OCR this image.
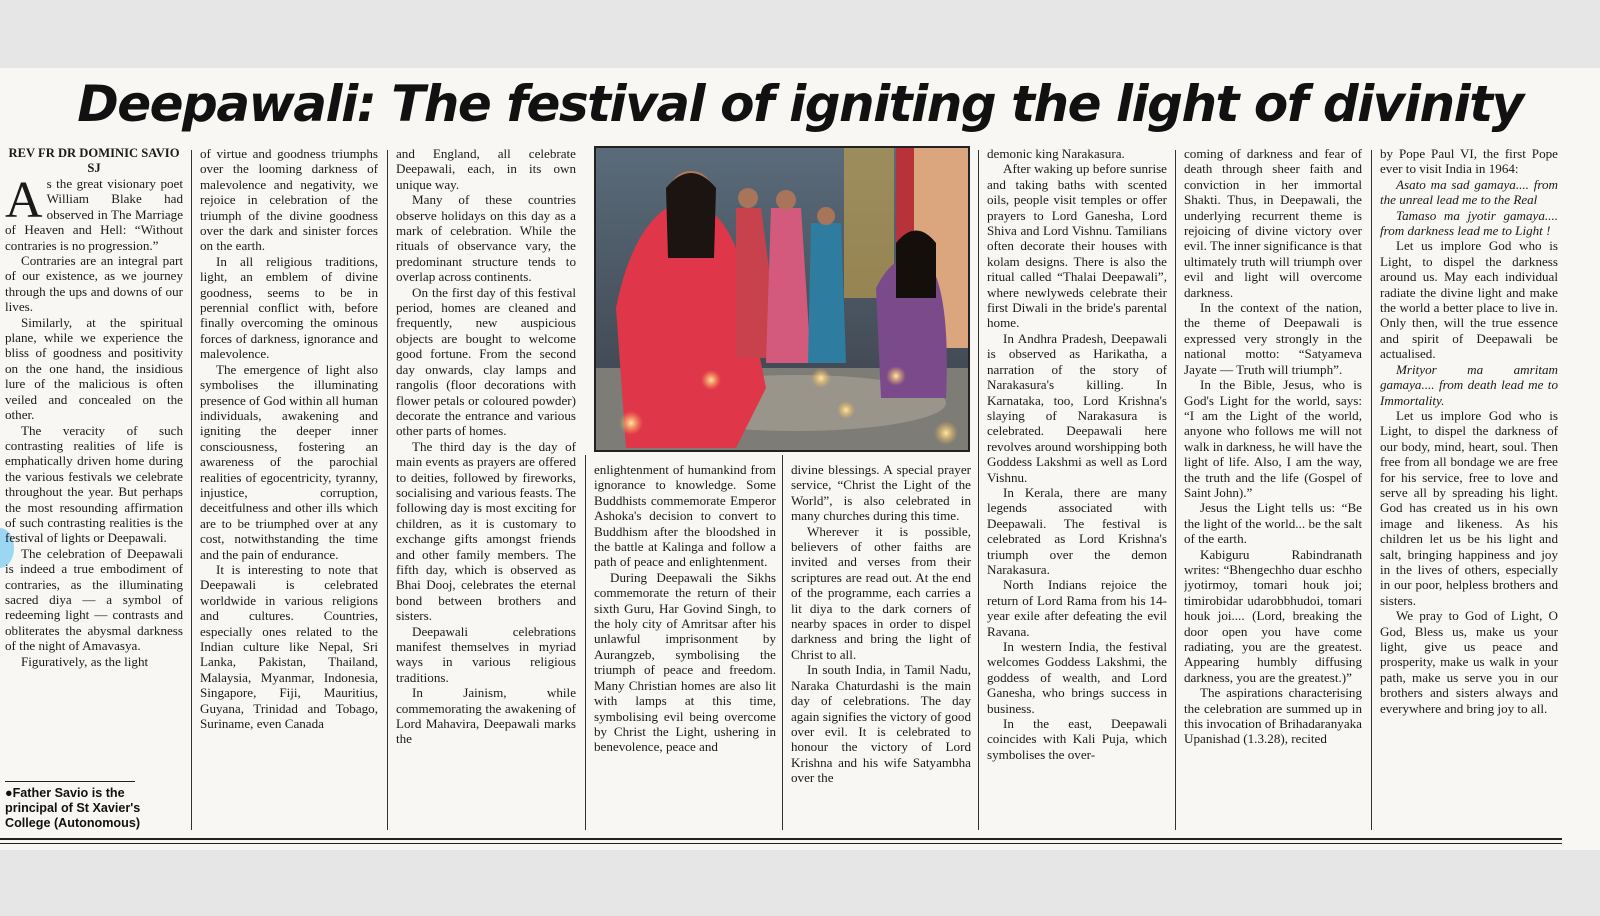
Deepawali: The festival of igniting the light of divinity

REV FR DR DOMINIC SAVIO SJ

As the great visionary poet William Blake had observed in The Marriage of Heaven and Hell: “Without contraries is no progression.”

Contraries are an integral part of our existence, as we journey through the ups and downs of our lives.

Similarly, at the spiritual plane, while we experience the bliss of goodness and positivity on the one hand, the insidious lure of the malicious is often veiled and concealed on the other.

The veracity of such contrasting realities of life is emphatically driven home during the various festivals we celebrate throughout the year. But perhaps the most resounding affirmation of such contrasting realities is the festival of lights or Deepawali.

The celebration of Deepawali is indeed a true embodiment of contraries, as the illuminating sacred diya — a symbol of redeeming light — contrasts and obliterates the abysmal darkness of the night of Amavasya.

Figuratively, as the light

●Father Savio is the principal of St Xavier's College (Autonomous)

of virtue and goodness triumphs over the looming darkness of malevolence and negativity, we rejoice in celebration of the triumph of the divine goodness over the dark and sinister forces on the earth.

In all religious traditions, light, an emblem of divine goodness, seems to be in perennial conflict with, before finally overcoming the ominous forces of darkness, ignorance and malevolence.

The emergence of light also symbolises the illuminating presence of God within all human individuals, awakening and igniting the deeper inner consciousness, fostering an awareness of the parochial realities of egocentricity, tyranny, injustice, corruption, deceitfulness and other ills which are to be triumphed over at any cost, notwithstanding the time and the pain of endurance.

It is interesting to note that Deepawali is celebrated worldwide in various religions and cultures. Countries, especially ones related to the Indian culture like Nepal, Sri Lanka, Pakistan, Thailand, Malaysia, Myanmar, Indonesia, Singapore, Fiji, Mauritius, Guyana, Trinidad and Tobago, Suriname, even Canada

and England, all celebrate Deepawali, each, in its own unique way.

Many of these countries observe holidays on this day as a mark of celebration. While the rituals of observance vary, the predominant structure tends to overlap across continents.

On the first day of this festival period, homes are cleaned and frequently, new auspicious objects are bought to welcome good fortune. From the second day onwards, clay lamps and rangolis (floor decorations with flower petals or coloured powder) decorate the entrance and various other parts of homes.

The third day is the day of main events as prayers are offered to deities, followed by fireworks, socialising and various feasts. The following day is most exciting for children, as it is customary to exchange gifts amongst friends and other family members. The fifth day, which is observed as Bhai Dooj, celebrates the eternal bond between brothers and sisters.

Deepawali celebrations manifest themselves in myriad ways in various religious traditions.

In Jainism, while commemorating the awakening of Lord Mahavira, Deepawali marks the

enlightenment of humankind from ignorance to knowledge. Some Buddhists commemorate Emperor Ashoka's decision to convert to Buddhism after the bloodshed in the battle at Kalinga and follow a path of peace and enlightenment.

During Deepawali the Sikhs commemorate the return of their sixth Guru, Har Govind Singh, to the holy city of Amritsar after his unlawful imprisonment by Aurangzeb, symbolising the triumph of peace and freedom. Many Christian homes are also lit with lamps at this time, symbolising evil being overcome by Christ the Light, ushering in benevolence, peace and

divine blessings. A special prayer service, “Christ the Light of the World”, is also celebrated in many churches during this time.

Wherever it is possible, believers of other faiths are invited and verses from their scriptures are read out. At the end of the programme, each carries a lit diya to the dark corners of nearby spaces in order to dispel darkness and bring the light of Christ to all.

In south India, in Tamil Nadu, Naraka Chaturdashi is the main day of celebrations. The day again signifies the victory of good over evil. It is celebrated to honour the victory of Lord Krishna and his wife Satyambha over the

demonic king Narakasura.

After waking up before sunrise and taking baths with scented oils, people visit temples or offer prayers to Lord Ganesha, Lord Shiva and Lord Vishnu. Tamilians often decorate their houses with kolam designs. There is also the ritual called “Thalai Deepawali”, where newlyweds celebrate their first Diwali in the bride's parental home.

In Andhra Pradesh, Deepawali is observed as Harikatha, a narration of the story of Narakasura's killing. In Karnataka, too, Lord Krishna's slaying of Narakasura is celebrated. Deepawali here revolves around worshipping both Goddess Lakshmi as well as Lord Vishnu.

In Kerala, there are many legends associated with Deepawali. The festival is celebrated as Lord Krishna's triumph over the demon Narakasura.

North Indians rejoice the return of Lord Rama from his 14-year exile after defeating the evil Ravana.

In western India, the festival welcomes Goddess Lakshmi, the goddess of wealth, and Lord Ganesha, who brings success in business.

In the east, Deepawali coincides with Kali Puja, which symbolises the over-

coming of darkness and fear of death through sheer faith and conviction in her immortal Shakti. Thus, in Deepawali, the underlying recurrent theme is rejoicing of divine victory over evil. The inner significance is that ultimately truth will triumph over evil and light will overcome darkness.

In the context of the nation, the theme of Deepawali is expressed very strongly in the national motto: “Satyameva Jayate — Truth will triumph”.

In the Bible, Jesus, who is God's Light for the world, says: “I am the Light of the world, anyone who follows me will not walk in darkness, he will have the light of life. Also, I am the way, the truth and the life (Gospel of Saint John).”

Jesus the Light tells us: “Be the light of the world... be the salt of the earth.

Kabiguru Rabindranath writes: “Bhengechho duar eschho jyotirmoy, tomari houk joi; timirobidar udarobbhudoi, tomari houk joi.... (Lord, breaking the door open you have come radiating, you are the greatest. Appearing humbly diffusing darkness, you are the greatest.)”

The aspirations characterising the celebration are summed up in this invocation of Brihadaranyaka Upanishad (1.3.28), recited

by Pope Paul VI, the first Pope ever to visit India in 1964:

Asato ma sad gamaya.... from the unreal lead me to the Real

Tamaso ma jyotir gamaya.... from darkness lead me to Light !

Let us implore God who is Light, to dispel the darkness around us. May each individual radiate the divine light and make the world a better place to live in. Only then, will the true essence and spirit of Deepawali be actualised.

Mrityor ma amritam gamaya.... from death lead me to Immortality.

Let us implore God who is Light, to dispel the darkness of our body, mind, heart, soul. Then free from all bondage we are free for his service, free to love and serve all by spreading his light. God has created us in his own image and likeness. As his children let us be his light and salt, bringing happiness and joy in the lives of others, especially in our poor, helpless brothers and sisters.

We pray to God of Light, O God, Bless us, make us your light, give us peace and prosperity, make us walk in your path, make us serve you in our brothers and sisters always and everywhere and bring joy to all.
